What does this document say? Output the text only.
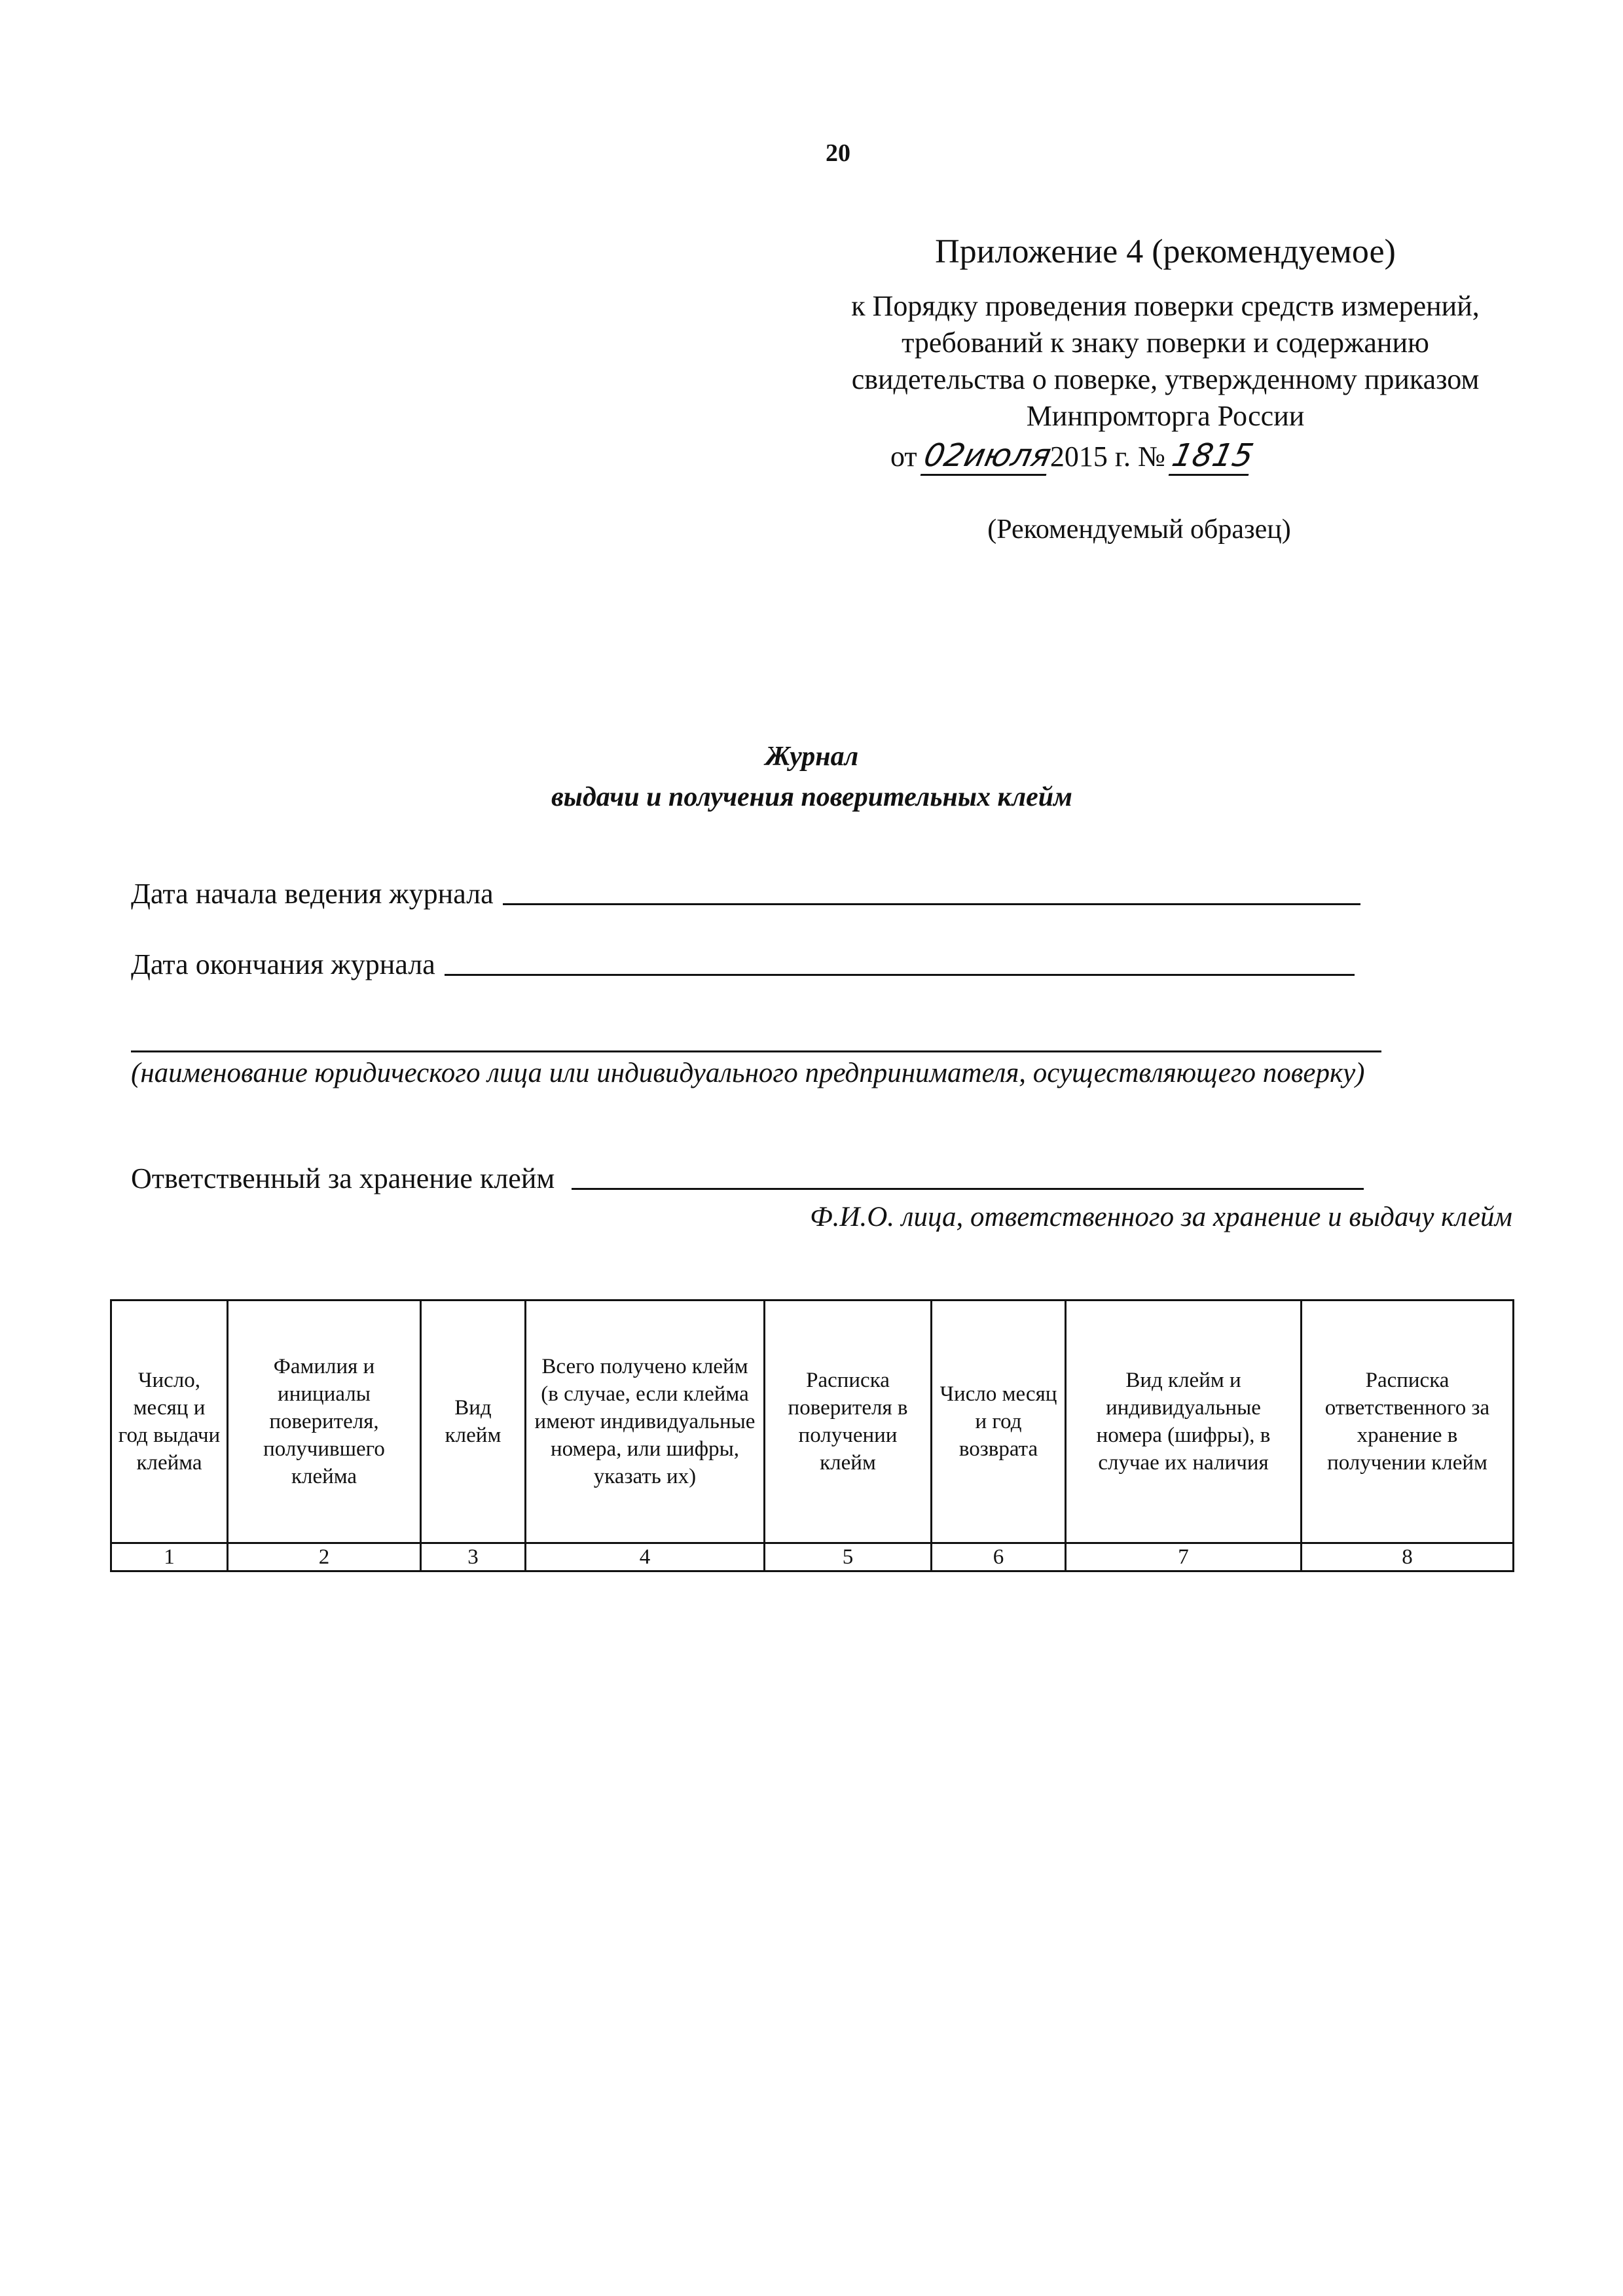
20
Приложение 4 (рекомендуемое)
к Порядку проведения поверки средств измерений,
требований к знаку поверки и содержанию
свидетельства о поверке, утвержденному приказом
Минпромторга России
от 02июля2015 г. № 1815
(Рекомендуемый образец)
Журнал
выдачи и получения поверительных клейм
Дата начала ведения журнала
Дата окончания журнала
(наименование юридического лица или индивидуального предпринимателя, осуществляющего поверку)
Ответственный за хранение клейм
Ф.И.О. лица, ответственного за хранение и выдачу клейм
Число, месяц и год выдачи клейма	Фамилия и инициалы поверителя, получившего клейма	Вид клейм	Всего получено клейм (в случае, если клейма имеют индивидуальные номера, или шифры, указать их)	Расписка поверителя в получении клейм	Число месяц и год возврата	Вид клейм и индивидуальные номера (шифры), в случае их наличия	Расписка ответственного за хранение в получении клейм
1	2	3	4	5	6	7	8
